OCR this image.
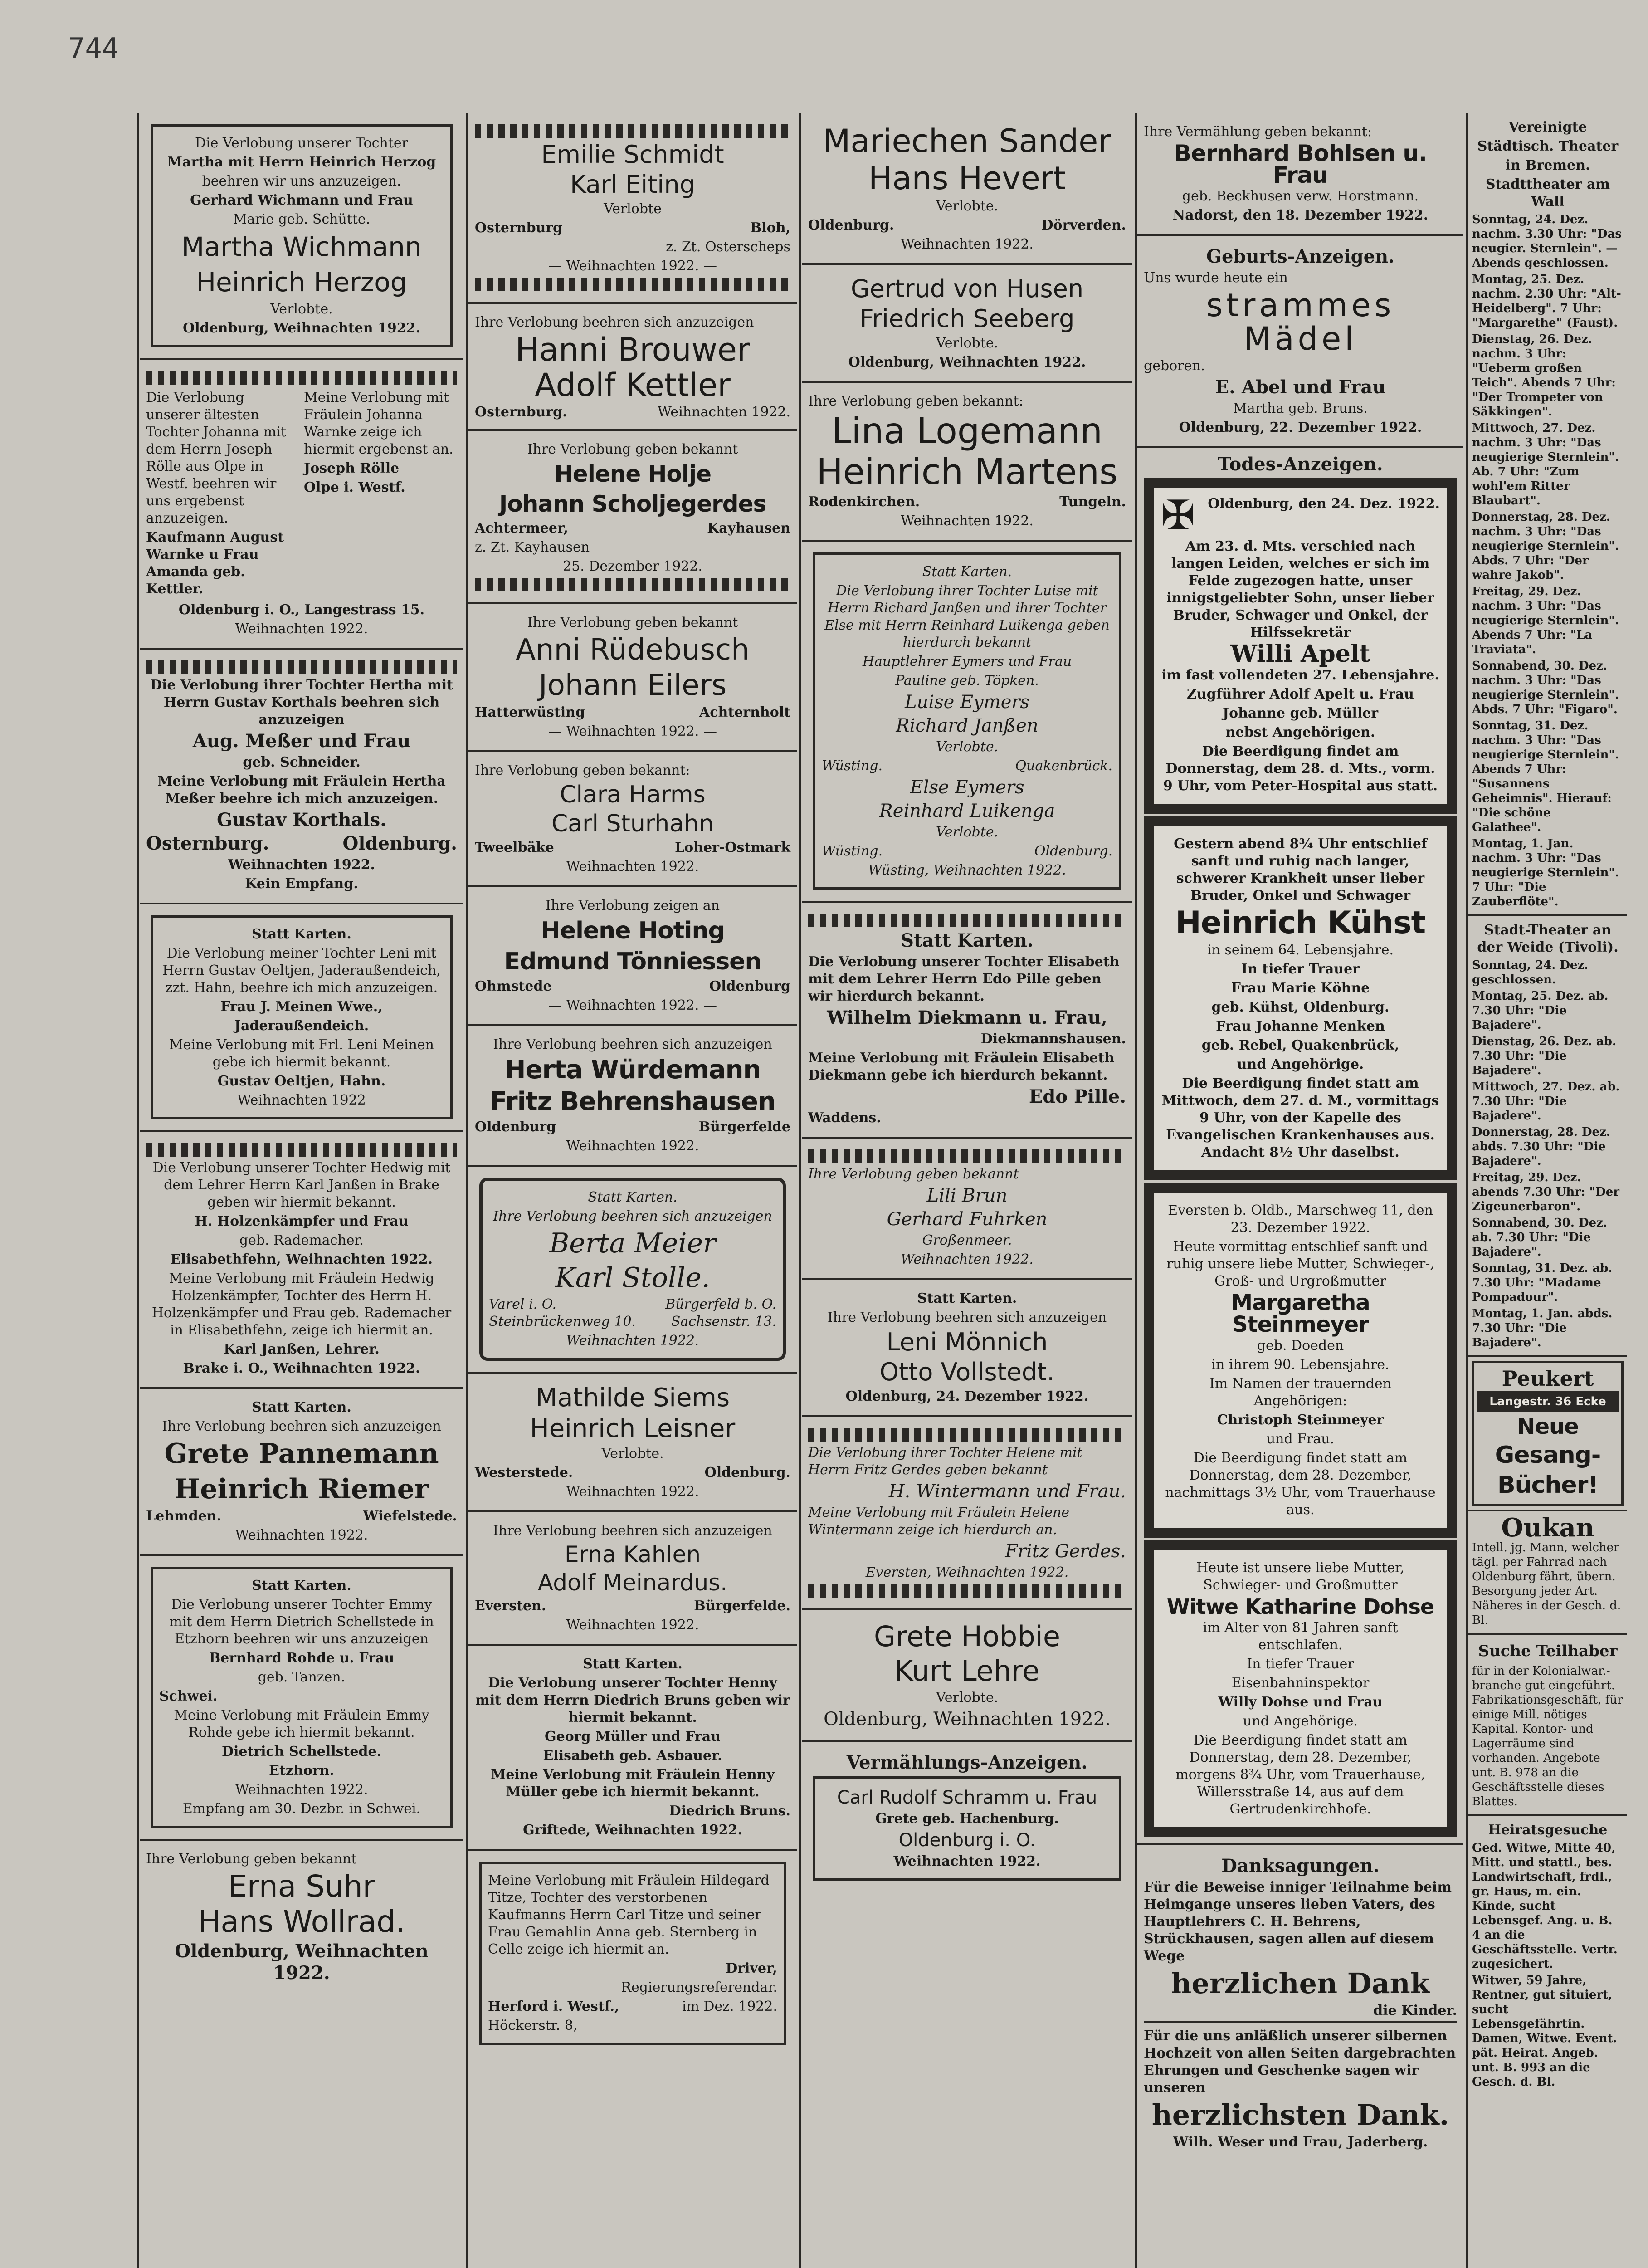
744

Die Verlobung unserer Tochter

Martha mit Herrn Heinrich Herzog

beehren wir uns anzuzeigen.

Gerhard Wichmann und Frau

Marie geb. Schütte.

Martha Wichmann

Heinrich Herzog

Verlobte.

Oldenburg, Weihnachten 1922.

Die Verlobung unserer ältesten Tochter Johanna mit dem Herrn Joseph Rölle aus Olpe in Westf. beehren wir uns ergebenst anzuzeigen.

Kaufmann August Warnke u Frau Amanda geb. Kettler.

Meine Verlobung mit Fräulein Johanna Warnke zeige ich hiermit ergebenst an.

Joseph Rölle

Olpe i. Westf.

Oldenburg i. O., Langestrass 15.

Weihnachten 1922.

Die Verlobung ihrer Tochter Hertha mit Herrn Gustav Korthals beehren sich anzuzeigen

Aug. Meßer und Frau

geb. Schneider.

Meine Verlobung mit Fräulein Hertha Meßer beehre ich mich anzuzeigen.

Gustav Korthals.

Osternburg.	Oldenburg.

Weihnachten 1922.

Kein Empfang.

Statt Karten.

Die Verlobung meiner Tochter Leni mit Herrn Gustav Oeltjen, Jaderaußendeich, zzt. Hahn, beehre ich mich anzuzeigen.

Frau J. Meinen Wwe.,

Jaderaußendeich.

Meine Verlobung mit Frl. Leni Meinen gebe ich hiermit bekannt.

Gustav Oeltjen, Hahn.

Weihnachten 1922

Die Verlobung unserer Tochter Hedwig mit dem Lehrer Herrn Karl Janßen in Brake geben wir hiermit bekannt.

H. Holzenkämpfer und Frau

geb. Rademacher.

Elisabethfehn, Weihnachten 1922.

Meine Verlobung mit Fräulein Hedwig Holzenkämpfer, Tochter des Herrn H. Holzenkämpfer und Frau geb. Rademacher in Elisabethfehn, zeige ich hiermit an.

Karl Janßen, Lehrer.

Brake i. O., Weihnachten 1922.

Statt Karten.

Ihre Verlobung beehren sich anzuzeigen

Grete Pannemann

Heinrich Riemer

Lehmden.	Wiefelstede.

Weihnachten 1922.

Statt Karten.

Die Verlobung unserer Tochter Emmy mit dem Herrn Dietrich Schellstede in Etzhorn beehren wir uns anzuzeigen

Bernhard Rohde u. Frau

geb. Tanzen.

Schwei.

Meine Verlobung mit Fräulein Emmy Rohde gebe ich hiermit bekannt.

Dietrich Schellstede.

Etzhorn.

Weihnachten 1922.

Empfang am 30. Dezbr. in Schwei.

Ihre Verlobung geben bekannt

Erna Suhr

Hans Wollrad.

Oldenburg, Weihnachten 1922.

Emilie Schmidt

Karl Eiting

Verlobte

Osternburg	Bloh,

z. Zt. Osterscheps

— Weihnachten 1922. —

Ihre Verlobung beehren sich anzuzeigen

Hanni Brouwer

Adolf Kettler

Osternburg.	Weihnachten 1922.

Ihre Verlobung geben bekannt

Helene Holje

Johann Scholjegerdes

Achtermeer,	Kayhausen

z. Zt. Kayhausen

25. Dezember 1922.

Ihre Verlobung geben bekannt

Anni Rüdebusch

Johann Eilers

Hatterwüsting	Achternholt

— Weihnachten 1922. —

Ihre Verlobung geben bekannt:

Clara Harms

Carl Sturhahn

Tweelbäke	Loher-Ostmark

Weihnachten 1922.

Ihre Verlobung zeigen an

Helene Hoting

Edmund Tönniessen

Ohmstede	Oldenburg

— Weihnachten 1922. —

Ihre Verlobung beehren sich anzuzeigen

Herta Würdemann

Fritz Behrenshausen

Oldenburg	Bürgerfelde

Weihnachten 1922.

Statt Karten.

Ihre Verlobung beehren sich anzuzeigen

Berta Meier

Karl Stolle.

Varel i. O.	Bürgerfeld b. O.
Steinbrückenweg 10.	Sachsenstr. 13.

Weihnachten 1922.

Mathilde Siems

Heinrich Leisner

Verlobte.

Westerstede.	Oldenburg.

Weihnachten 1922.

Ihre Verlobung beehren sich anzuzeigen

Erna Kahlen

Adolf Meinardus.

Eversten.	Bürgerfelde.

Weihnachten 1922.

Statt Karten.

Die Verlobung unserer Tochter Henny mit dem Herrn Diedrich Bruns geben wir hiermit bekannt.

Georg Müller und Frau

Elisabeth geb. Asbauer.

Meine Verlobung mit Fräulein Henny Müller gebe ich hiermit bekannt.

Diedrich Bruns.

Griftede, Weihnachten 1922.

Meine Verlobung mit Fräulein Hildegard Titze, Tochter des verstorbenen Kaufmanns Herrn Carl Titze und seiner Frau Gemahlin Anna geb. Sternberg in Celle zeige ich hiermit an.

Driver,

Regierungsreferendar.

Herford i. Westf.,	im Dez. 1922.

Höckerstr. 8,

Mariechen Sander

Hans Hevert

Verlobte.

Oldenburg.	Dörverden.

Weihnachten 1922.

Gertrud von Husen

Friedrich Seeberg

Verlobte.

Oldenburg, Weihnachten 1922.

Ihre Verlobung geben bekannt:

Lina Logemann

Heinrich Martens

Rodenkirchen.	Tungeln.

Weihnachten 1922.

Statt Karten.

Die Verlobung ihrer Tochter Luise mit Herrn Richard Janßen und ihrer Tochter Else mit Herrn Reinhard Luikenga geben hierdurch bekannt

Hauptlehrer Eymers und Frau

Pauline geb. Töpken.

Luise Eymers

Richard Janßen

Verlobte.

Wüsting.	Quakenbrück.

Else Eymers

Reinhard Luikenga

Verlobte.

Wüsting.	Oldenburg.

Wüsting, Weihnachten 1922.

Statt Karten.

Die Verlobung unserer Tochter Elisabeth mit dem Lehrer Herrn Edo Pille geben wir hierdurch bekannt.

Wilhelm Diekmann u. Frau,

Diekmannshausen.

Meine Verlobung mit Fräulein Elisabeth Diekmann gebe ich hierdurch bekannt.

Edo Pille.

Waddens.

Ihre Verlobung geben bekannt

Lili Brun

Gerhard Fuhrken

Großenmeer.

Weihnachten 1922.

Statt Karten.

Ihre Verlobung beehren sich anzuzeigen

Leni Mönnich

Otto Vollstedt.

Oldenburg, 24. Dezember 1922.

Die Verlobung ihrer Tochter Helene mit Herrn Fritz Gerdes geben bekannt

H. Wintermann und Frau.

Meine Verlobung mit Fräulein Helene Wintermann zeige ich hierdurch an.

Fritz Gerdes.

Eversten, Weihnachten 1922.

Grete Hobbie

Kurt Lehre

Verlobte.

Oldenburg, Weihnachten 1922.

Vermählungs-Anzeigen.

Carl Rudolf Schramm u. Frau

Grete geb. Hachenburg.

Oldenburg i. O.

Weihnachten 1922.

Ihre Vermählung geben bekannt:

Bernhard Bohlsen u. Frau

geb. Beckhusen verw. Horstmann.

Nadorst, den 18. Dezember 1922.

Geburts-Anzeigen.

Uns wurde heute ein

strammes Mädel

geboren.

E. Abel und Frau

Martha geb. Bruns.

Oldenburg, 22. Dezember 1922.

Todes-Anzeigen.

✠ Oldenburg, den 24. Dez. 1922.

Am 23. d. Mts. verschied nach langen Leiden, welches er sich im Felde zugezogen hatte, unser innigstgeliebter Sohn, unser lieber Bruder, Schwager und Onkel, der Hilfssekretär

Willi Apelt

im fast vollendeten 27. Lebensjahre.

Zugführer Adolf Apelt u. Frau

Johanne geb. Müller

nebst Angehörigen.

Die Beerdigung findet am Donnerstag, dem 28. d. Mts., vorm. 9 Uhr, vom Peter-Hospital aus statt.

Gestern abend 8¾ Uhr entschlief sanft und ruhig nach langer, schwerer Krankheit unser lieber Bruder, Onkel und Schwager

Heinrich Kühst

in seinem 64. Lebensjahre.

In tiefer Trauer

Frau Marie Köhne

geb. Kühst, Oldenburg.

Frau Johanne Menken

geb. Rebel, Quakenbrück,

und Angehörige.

Die Beerdigung findet statt am Mittwoch, dem 27. d. M., vormittags 9 Uhr, von der Kapelle des Evangelischen Krankenhauses aus. Andacht 8½ Uhr daselbst.

Eversten b. Oldb., Marschweg 11, den 23. Dezember 1922.

Heute vormittag entschlief sanft und ruhig unsere liebe Mutter, Schwieger-, Groß- und Urgroßmutter

Margaretha Steinmeyer

geb. Doeden

in ihrem 90. Lebensjahre.

Im Namen der trauernden Angehörigen:

Christoph Steinmeyer

und Frau.

Die Beerdigung findet statt am Donnerstag, dem 28. Dezember, nachmittags 3½ Uhr, vom Trauerhause aus.

Heute ist unsere liebe Mutter, Schwieger- und Großmutter

Witwe Katharine Dohse

im Alter von 81 Jahren sanft entschlafen.

In tiefer Trauer

Eisenbahninspektor

Willy Dohse und Frau

und Angehörige.

Die Beerdigung findet statt am Donnerstag, dem 28. Dezember, morgens 8¾ Uhr, vom Trauerhause, Willersstraße 14, aus auf dem Gertrudenkirchhofe.

Danksagungen.

Für die Beweise inniger Teilnahme beim Heimgange unseres lieben Vaters, des Hauptlehrers C. H. Behrens, Strückhausen, sagen allen auf diesem Wege

herzlichen Dank

die Kinder.

Für die uns anläßlich unserer silbernen Hochzeit von allen Seiten dargebrachten Ehrungen und Geschenke sagen wir unseren

herzlichsten Dank.

Wilh. Weser und Frau, Jaderberg.

Vereinigte

Städtisch. Theater

in Bremen.

Stadttheater am Wall

Sonntag, 24. Dez. nachm. 3.30 Uhr: "Das neugier. Sternlein". — Abends geschlossen.

Montag, 25. Dez. nachm. 2.30 Uhr: "Alt-Heidelberg". 7 Uhr: "Margarethe" (Faust).

Dienstag, 26. Dez. nachm. 3 Uhr: "Ueberm großen Teich". Abends 7 Uhr: "Der Trompeter von Säkkingen".

Mittwoch, 27. Dez. nachm. 3 Uhr: "Das neugierige Sternlein". Ab. 7 Uhr: "Zum wohl'em Ritter Blaubart".

Donnerstag, 28. Dez. nachm. 3 Uhr: "Das neugierige Sternlein". Abds. 7 Uhr: "Der wahre Jakob".

Freitag, 29. Dez. nachm. 3 Uhr: "Das neugierige Sternlein". Abends 7 Uhr: "La Traviata".

Sonnabend, 30. Dez. nachm. 3 Uhr: "Das neugierige Sternlein". Abds. 7 Uhr: "Figaro".

Sonntag, 31. Dez. nachm. 3 Uhr: "Das neugierige Sternlein". Abends 7 Uhr: "Susannens Geheimnis". Hierauf: "Die schöne Galathee".

Montag, 1. Jan. nachm. 3 Uhr: "Das neugierige Sternlein". 7 Uhr: "Die Zauberflöte".

Stadt-Theater an der Weide (Tivoli).

Sonntag, 24. Dez. geschlossen.

Montag, 25. Dez. ab. 7.30 Uhr: "Die Bajadere".

Dienstag, 26. Dez. ab. 7.30 Uhr: "Die Bajadere".

Mittwoch, 27. Dez. ab. 7.30 Uhr: "Die Bajadere".

Donnerstag, 28. Dez. abds. 7.30 Uhr: "Die Bajadere".

Freitag, 29. Dez. abends 7.30 Uhr: "Der Zigeunerbaron".

Sonnabend, 30. Dez. ab. 7.30 Uhr: "Die Bajadere".

Sonntag, 31. Dez. ab. 7.30 Uhr: "Madame Pompadour".

Montag, 1. Jan. abds. 7.30 Uhr: "Die Bajadere".

Peukert

Langestr. 36 Ecke

Neue

Gesang-

Bücher!

Oukan

Intell. jg. Mann, welcher tägl. per Fahrrad nach Oldenburg fährt, übern. Besorgung jeder Art. Näheres in der Gesch. d. Bl.

Suche Teilhaber

für in der Kolonialwar.-branche gut eingeführt. Fabrikationsgeschäft, für einige Mill. nötiges Kapital. Kontor- und Lagerräume sind vorhanden. Angebote unt. B. 978 an die Geschäftsstelle dieses Blattes.

Heiratsgesuche

Ged. Witwe, Mitte 40, Mitt. und stattl., bes. Landwirtschaft, frdl., gr. Haus, m. ein. Kinde, sucht Lebensgef. Ang. u. B. 4 an die Geschäftsstelle. Vertr. zugesichert.

Witwer, 59 Jahre, Rentner, gut situiert, sucht Lebensgefährtin. Damen, Witwe. Event. pät. Heirat. Angeb. unt. B. 993 an die Gesch. d. Bl.
